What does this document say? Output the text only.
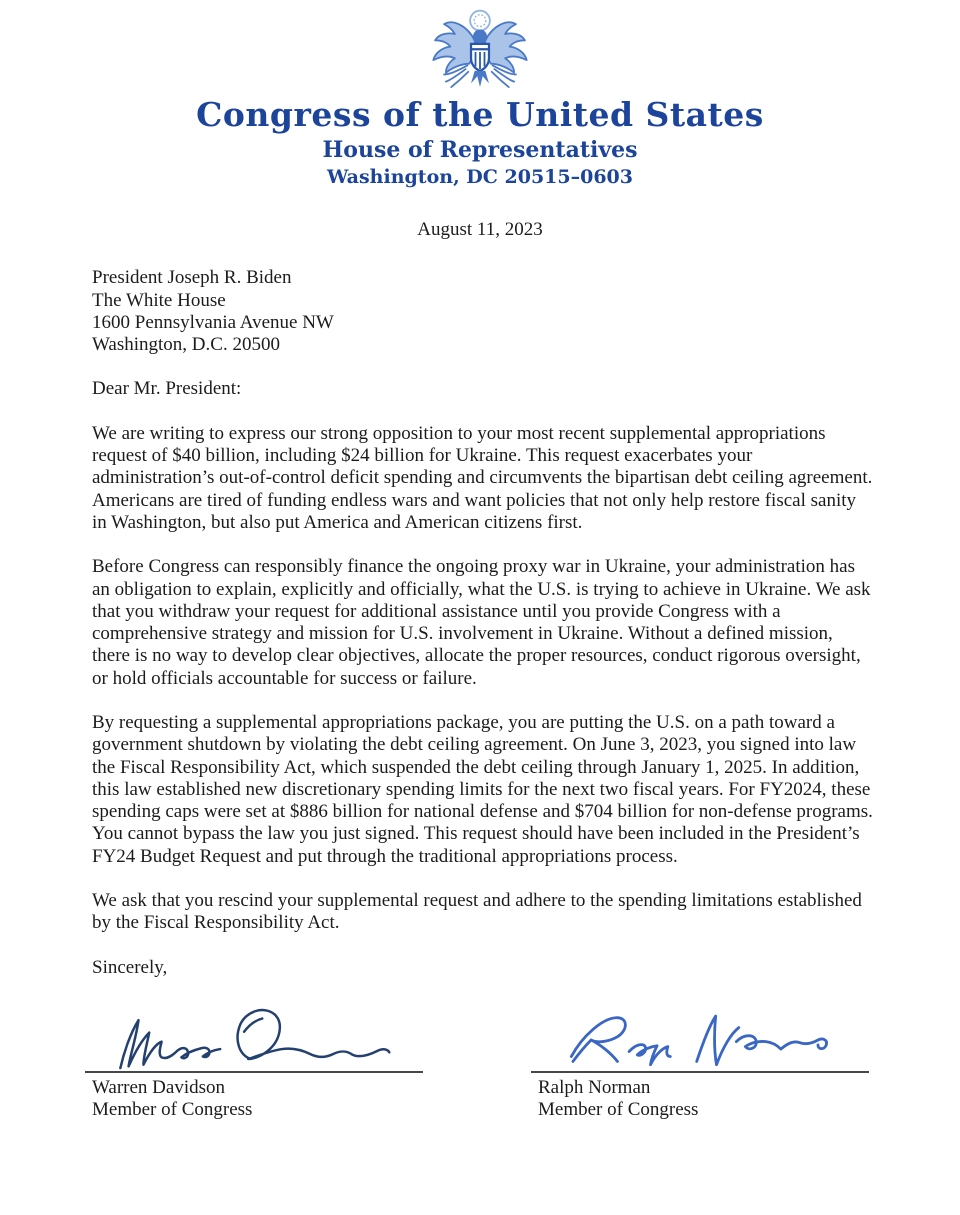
Congress of the United States
House of Representatives
Washington, DC 20515–0603
August 11, 2023
President Joseph R. Biden
The White House
1600 Pennsylvania Avenue NW
Washington, D.C. 20500
Dear Mr. President:

We are writing to express our strong opposition to your most recent supplemental appropriations request of $40 billion, including $24 billion for Ukraine. This request exacerbates your administration’s out-of-control deficit spending and circumvents the bipartisan debt ceiling agreement. Americans are tired of funding endless wars and want policies that not only help restore fiscal sanity in Washington, but also put America and American citizens first.

Before Congress can responsibly finance the ongoing proxy war in Ukraine, your administration has an obligation to explain, explicitly and officially, what the U.S. is trying to achieve in Ukraine. We ask that you withdraw your request for additional assistance until you provide Congress with a comprehensive strategy and mission for U.S. involvement in Ukraine. Without a defined mission, there is no way to develop clear objectives, allocate the proper resources, conduct rigorous oversight, or hold officials accountable for success or failure.

By requesting a supplemental appropriations package, you are putting the U.S. on a path toward a government shutdown by violating the debt ceiling agreement. On June 3, 2023, you signed into law the Fiscal Responsibility Act, which suspended the debt ceiling through January 1, 2025. In addition, this law established new discretionary spending limits for the next two fiscal years. For FY2024, these spending caps were set at $886 billion for national defense and $704 billion for non-defense programs. You cannot bypass the law you just signed. This request should have been included in the President’s FY24 Budget Request and put through the traditional appropriations process.

We ask that you rescind your supplemental request and adhere to the spending limitations established by the Fiscal Responsibility Act.

Sincerely,
Warren Davidson
Member of Congress
Ralph Norman
Member of Congress
